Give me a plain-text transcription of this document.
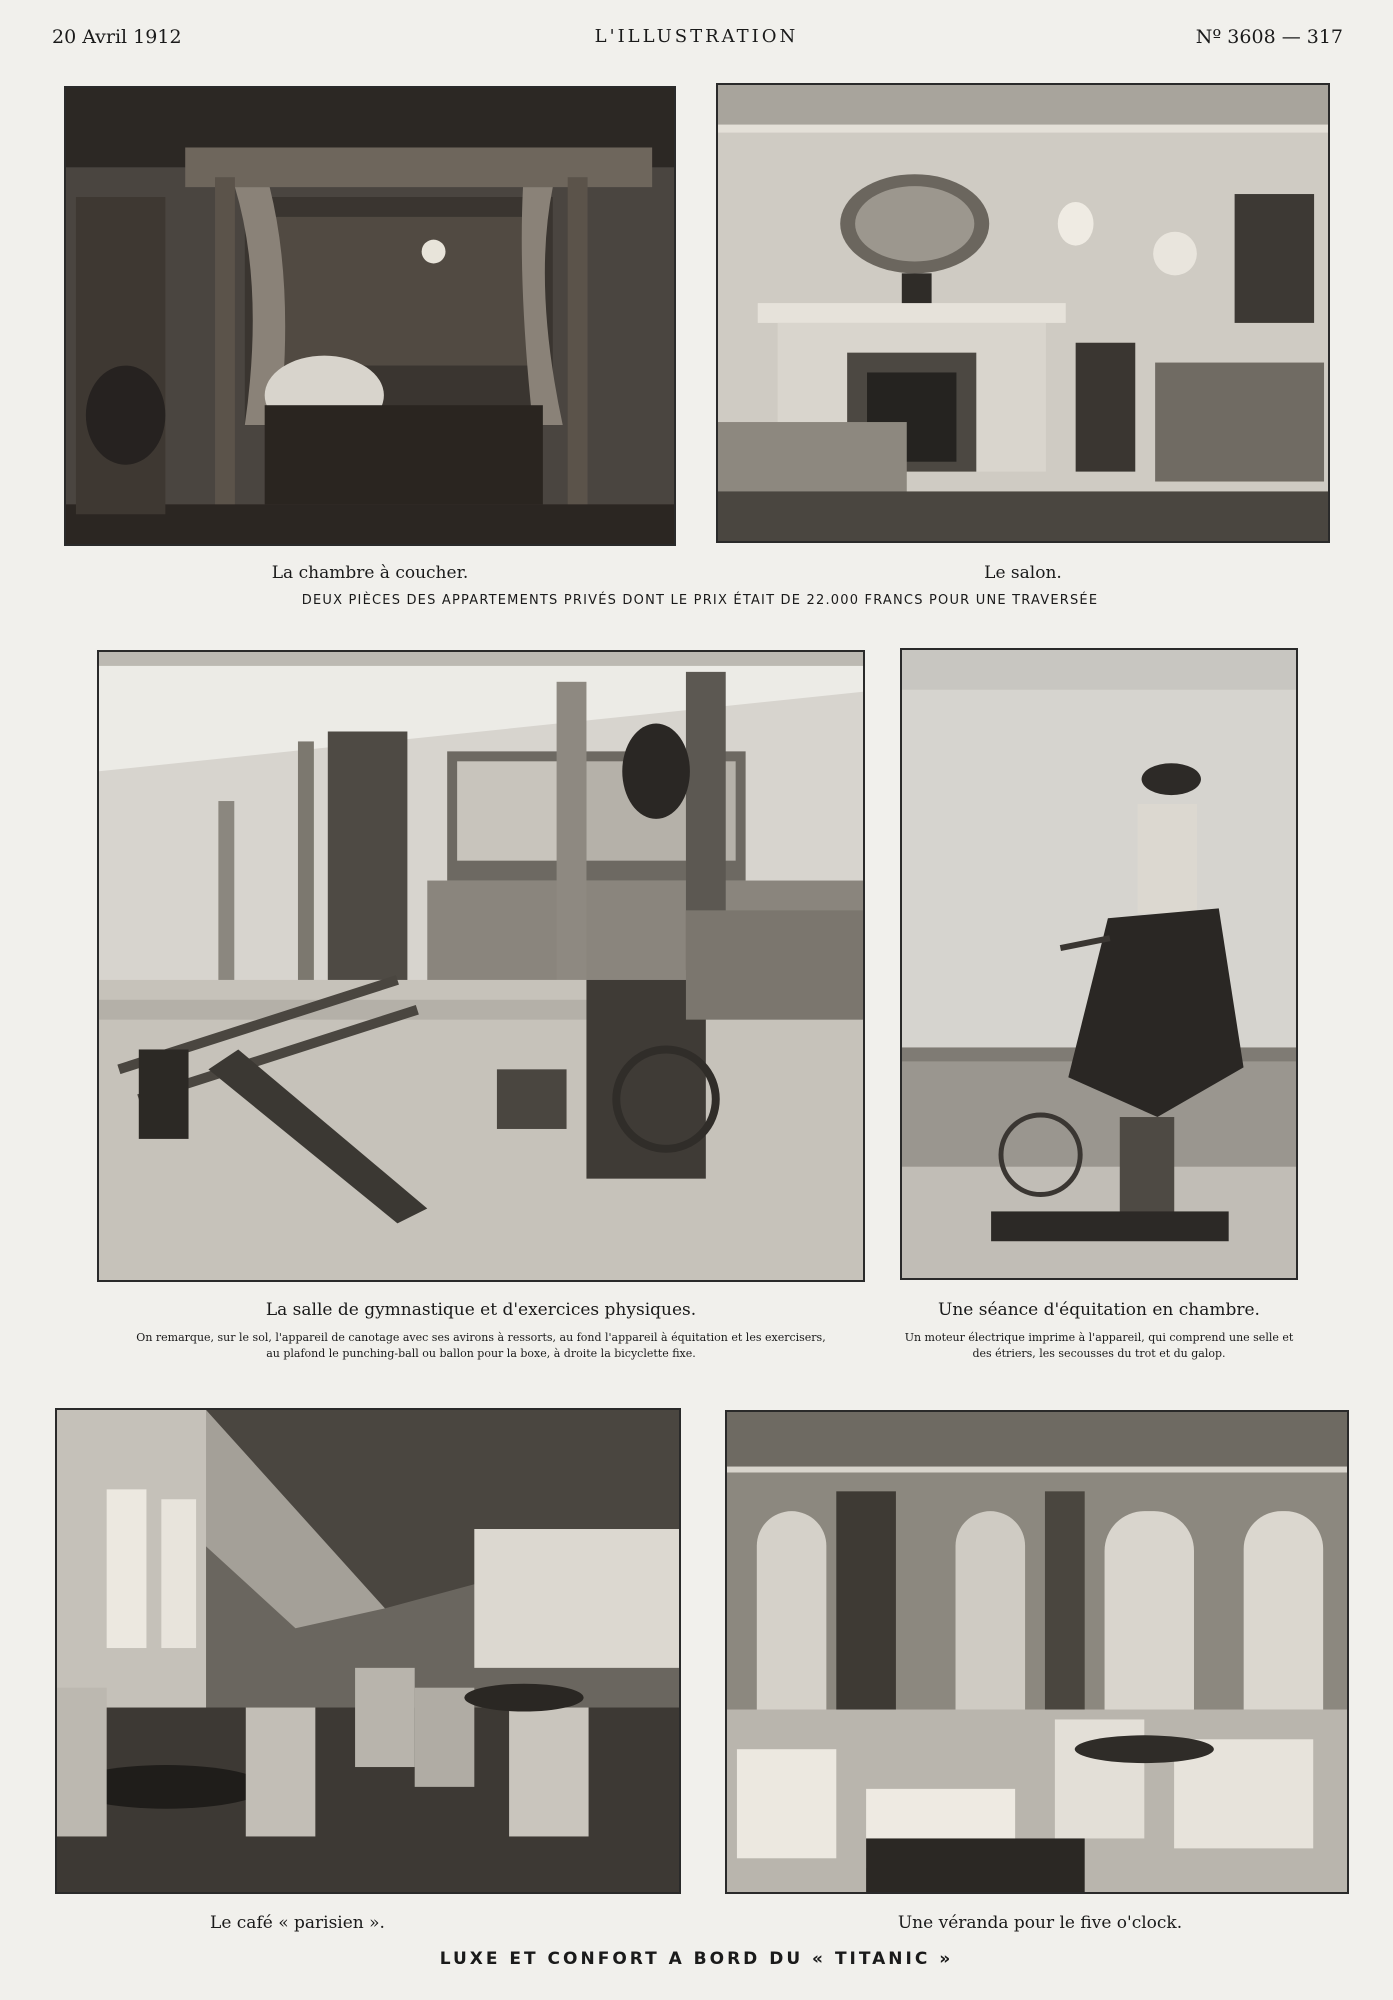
20 Avril 1912	L'ILLUSTRATION	Nº 3608 — 317
La chambre à coucher.	Le salon.
DEUX PIÈCES DES APPARTEMENTS PRIVÉS DONT LE PRIX ÉTAIT DE 22.000 FRANCS POUR UNE TRAVERSÉE
La salle de gymnastique et d'exercices physiques.
On remarque, sur le sol, l'appareil de canotage avec ses avirons à ressorts, au fond l'appareil à équitation et les exercisers,
au plafond le punching-ball ou ballon pour la boxe, à droite la bicyclette fixe.
Une séance d'équitation en chambre.
Un moteur électrique imprime à l'appareil, qui comprend une selle et
des étriers, les secousses du trot et du galop.
Le café « parisien ».	Une véranda pour le five o'clock.
LUXE ET CONFORT A BORD DU « TITANIC »
